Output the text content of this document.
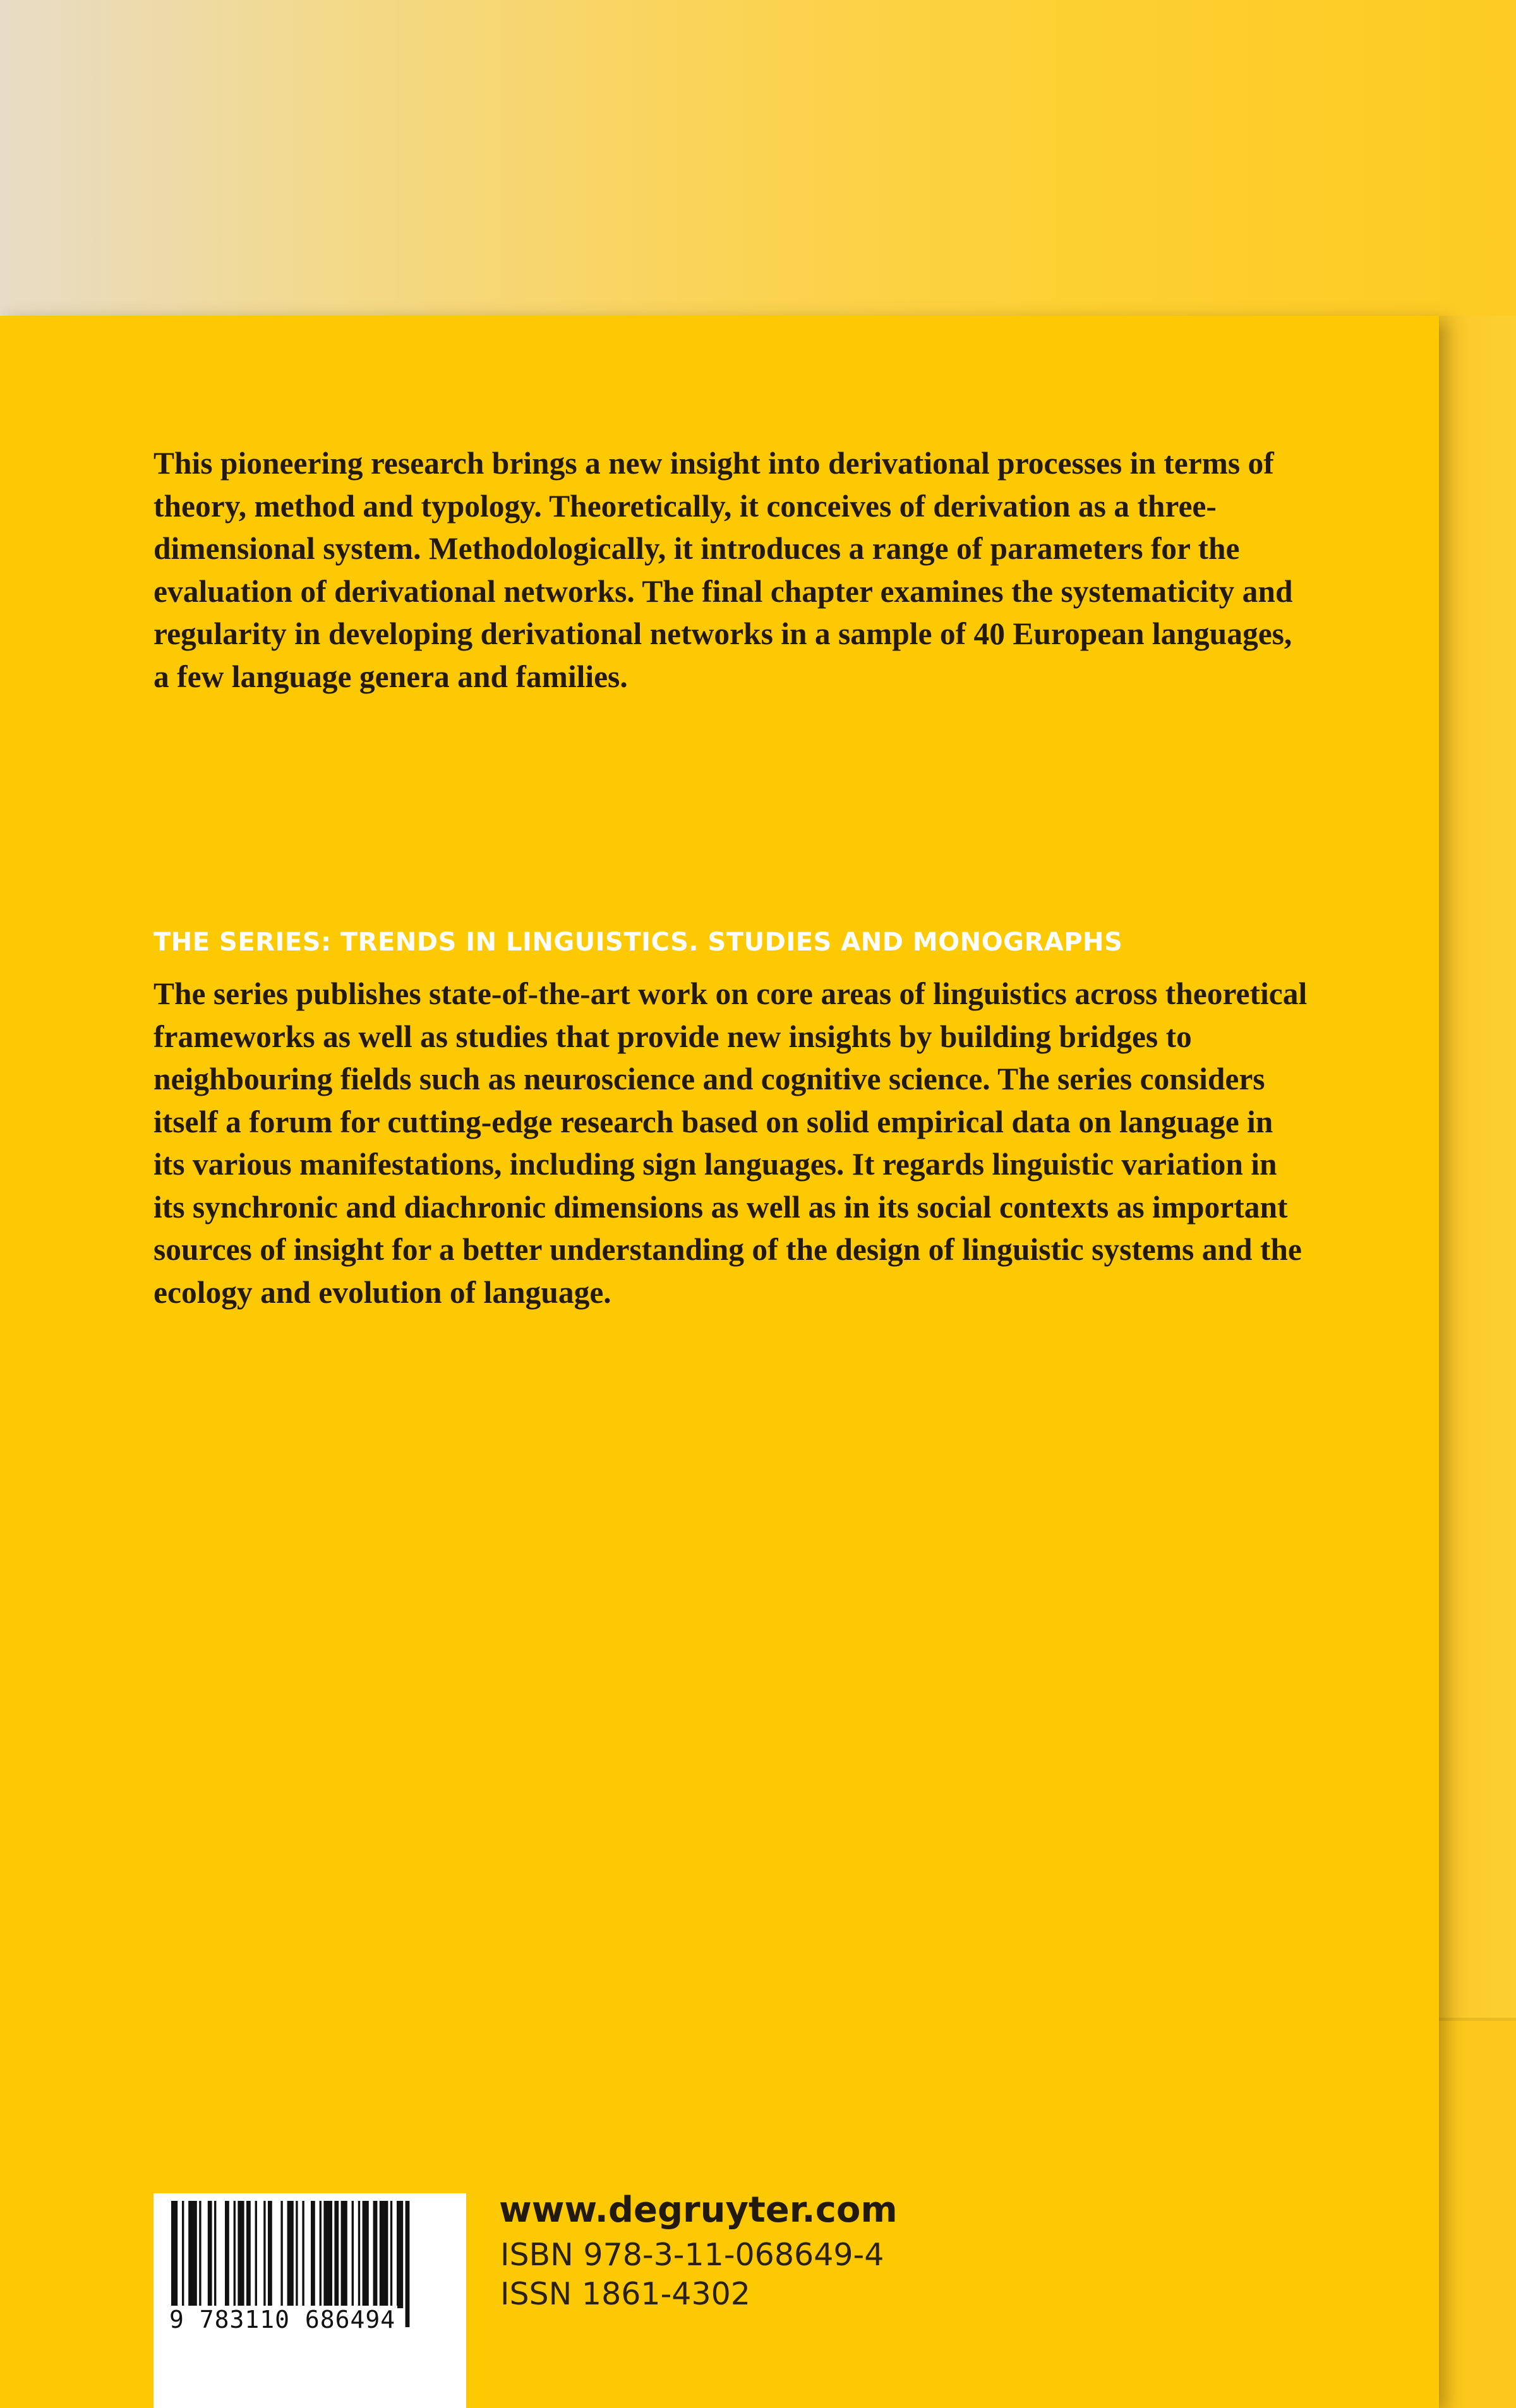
This pioneering research brings a new insight into derivational processes in terms of theory, method and typology. Theoretically, it conceives of derivation as a three-dimensional system. Methodologically, it introduces a range of parameters for the evaluation of derivational networks. The final chapter examines the systematicity and regularity in developing derivational networks in a sample of 40 European languages, a few language genera and families.

THE SERIES: TRENDS IN LINGUISTICS. STUDIES AND MONOGRAPHS

The series publishes state-of-the-art work on core areas of linguistics across theoretical frameworks as well as studies that provide new insights by building bridges to neighbouring fields such as neuroscience and cognitive science. The series considers itself a forum for cutting-edge research based on solid empirical data on language in its various manifestations, including sign languages. It regards linguistic variation in its synchronic and diachronic dimensions as well as in its social contexts as important sources of insight for a better understanding of the design of linguistic systems and the ecology and evolution of language.

9 783110 686494
www.degruyter.com
ISBN 978-3-11-068649-4
ISSN 1861-4302
